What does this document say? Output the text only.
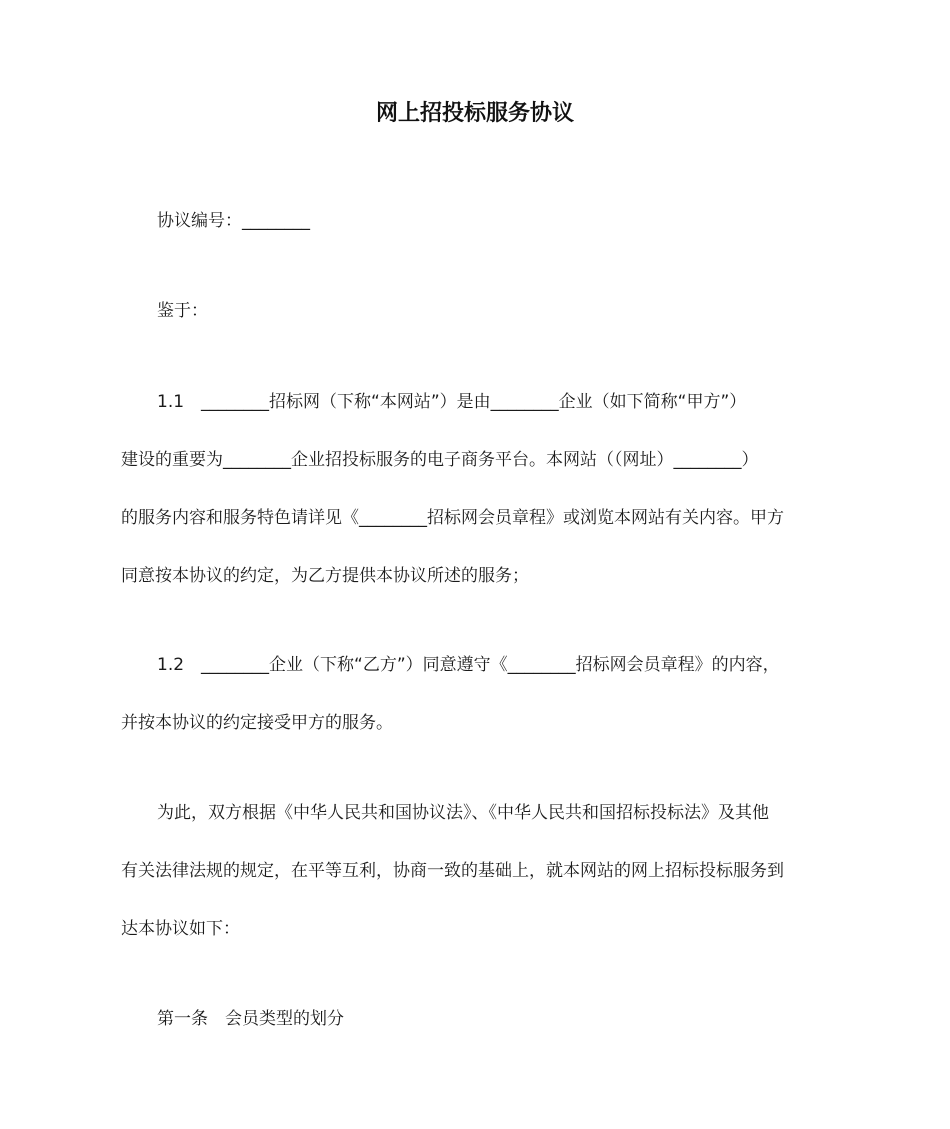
网上招投标服务协议
协议编号：________
鉴于：
1.1　________招标网（下称“本网站”）是由________企业（如下简称“甲方”）
建设的重要为________企业招投标服务的电子商务平台。本网站（（网址）________）
的服务内容和服务特色请详见《________招标网会员章程》或浏览本网站有关内容。甲方
同意按本协议的约定，为乙方提供本协议所述的服务；
1.2　________企业（下称“乙方”）同意遵守《________招标网会员章程》的内容，
并按本协议的约定接受甲方的服务。
为此，双方根据《中华人民共和国协议法》、《中华人民共和国招标投标法》及其他
有关法律法规的规定，在平等互利，协商一致的基础上，就本网站的网上招标投标服务到
达本协议如下：
第一条　会员类型的划分
